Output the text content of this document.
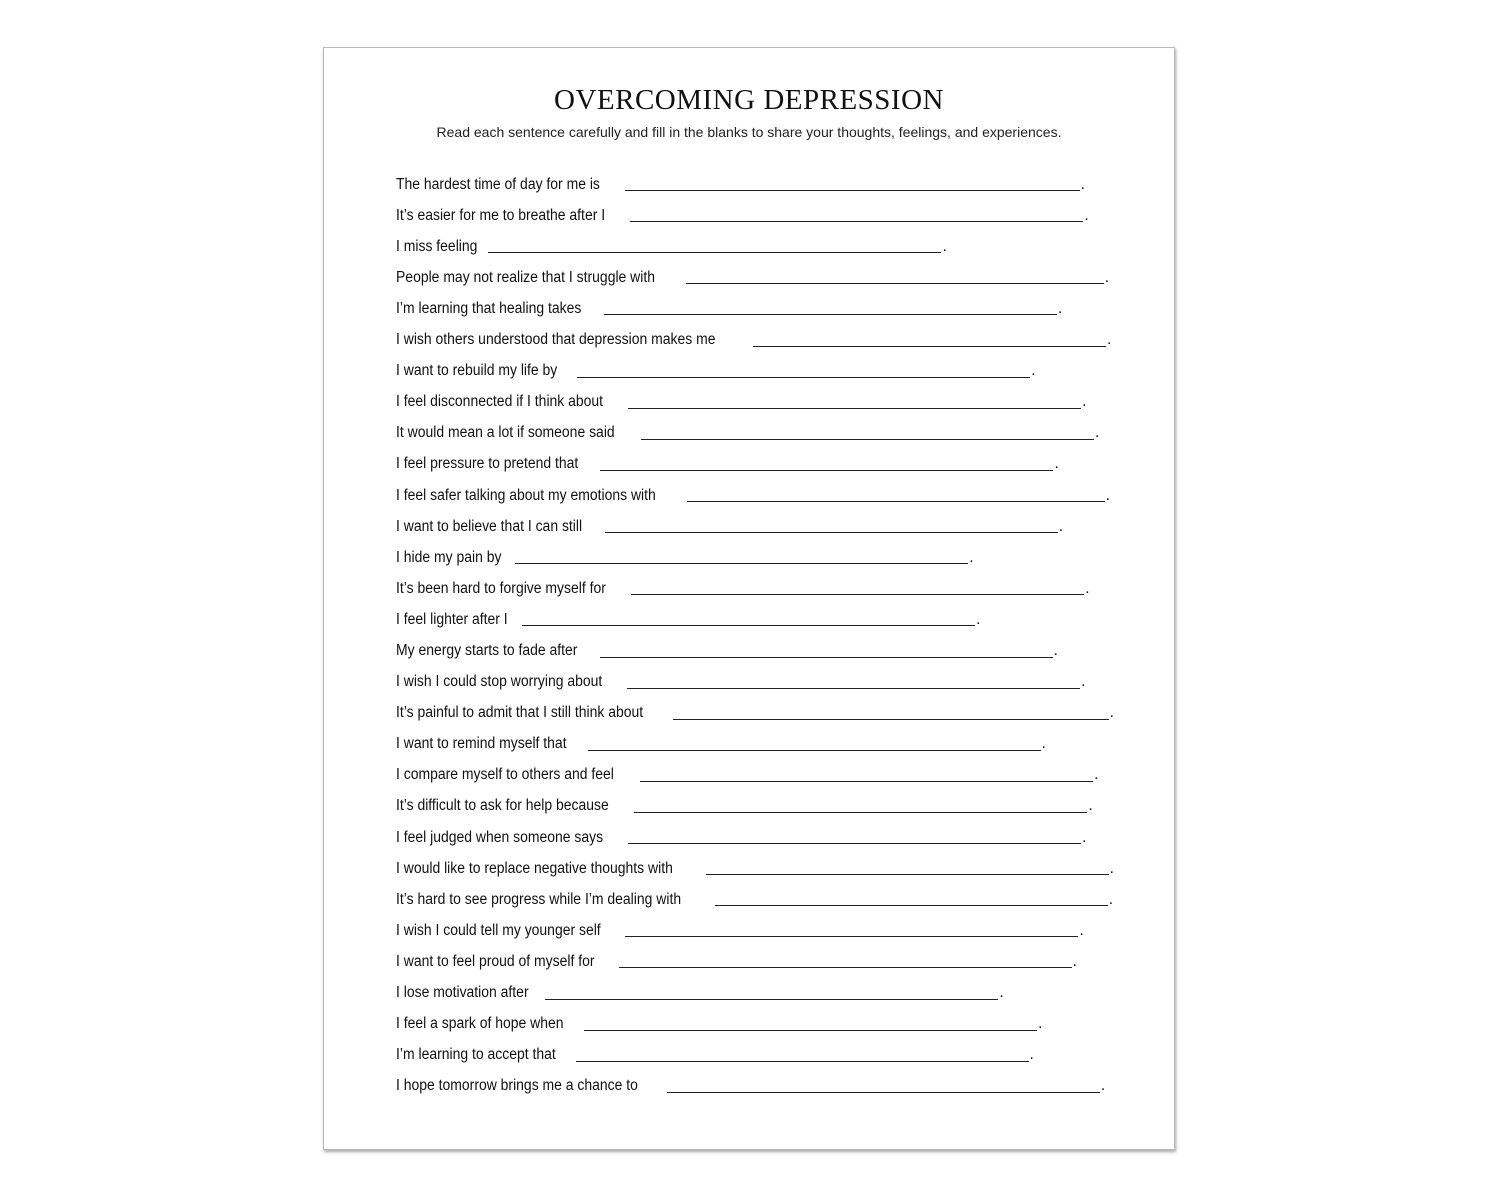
OVERCOMING DEPRESSION
Read each sentence carefully and fill in the blanks to share your thoughts, feelings, and experiences.
The hardest time of day for me is	.
It’s easier for me to breathe after I	.
I miss feeling	.
People may not realize that I struggle with	.
I’m learning that healing takes	.
I wish others understood that depression makes me	.
I want to rebuild my life by	.
I feel disconnected if I think about	.
It would mean a lot if someone said	.
I feel pressure to pretend that	.
I feel safer talking about my emotions with	.
I want to believe that I can still	.
I hide my pain by	.
It’s been hard to forgive myself for	.
I feel lighter after I	.
My energy starts to fade after	.
I wish I could stop worrying about	.
It’s painful to admit that I still think about	.
I want to remind myself that	.
I compare myself to others and feel	.
It’s difficult to ask for help because	.
I feel judged when someone says	.
I would like to replace negative thoughts with	.
It’s hard to see progress while I’m dealing with	.
I wish I could tell my younger self	.
I want to feel proud of myself for	.
I lose motivation after	.
I feel a spark of hope when	.
I’m learning to accept that	.
I hope tomorrow brings me a chance to	.
